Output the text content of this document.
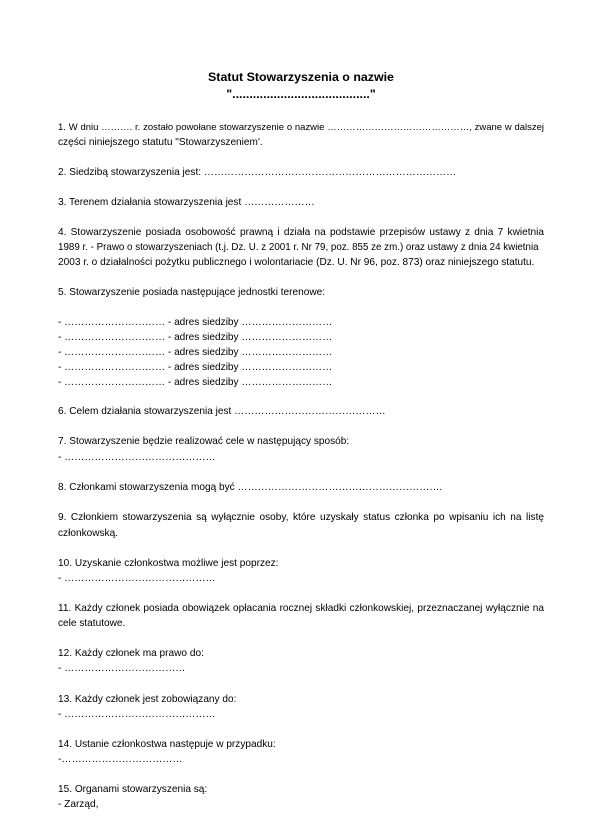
Statut Stowarzyszenia o nazwie
"........................................"
1. W dniu ………. r. zostało powołane stowarzyszenie o nazwie ………………………………………, zwane w dalszej
części niniejszego statutu "Stowarzyszeniem'.
2. Siedzibą stowarzyszenia jest: …………………………………………………………………
3. Terenem działania stowarzyszenia jest …………………
4. Stowarzyszenie posiada osobowość prawną i działa na podstawie przepisów ustawy z dnia 7 kwietnia
1989 r. - Prawo o stowarzyszeniach (t.j. Dz. U. z 2001 r. Nr 79, poz. 855 ze zm.) oraz ustawy z dnia 24 kwietnia
2003 r. o działalności pożytku publicznego i wolontariacie (Dz. U. Nr 96, poz. 873) oraz niniejszego statutu.
5. Stowarzyszenie posiada następujące jednostki terenowe:
- ………………………… - adres siedziby ………………………
- ………………………… - adres siedziby ………………………
- ………………………… - adres siedziby ………………………
- ………………………… - adres siedziby ………………………
- ………………………… - adres siedziby ………………………
6. Celem działania stowarzyszenia jest ………………………………………
7. Stowarzyszenie będzie realizować cele w następujący sposób:
- ………………………………………
8. Członkami stowarzyszenia mogą być …………………………………………………….
9. Członkiem stowarzyszenia są wyłącznie osoby, które uzyskały status członka po wpisaniu ich na listę
członkowską.
10. Uzyskanie członkostwa możliwe jest poprzez:
- ………………………………………
11. Każdy członek posiada obowiązek opłacania rocznej składki członkowskiej, przeznaczanej wyłącznie na
cele statutowe.
12. Każdy członek ma prawo do:
- ………………………………
13. Każdy członek jest zobowiązany do:
- ………………………………………
14. Ustanie członkostwa następuje w przypadku:
-………………………………
15. Organami stowarzyszenia są:
- Zarząd,
